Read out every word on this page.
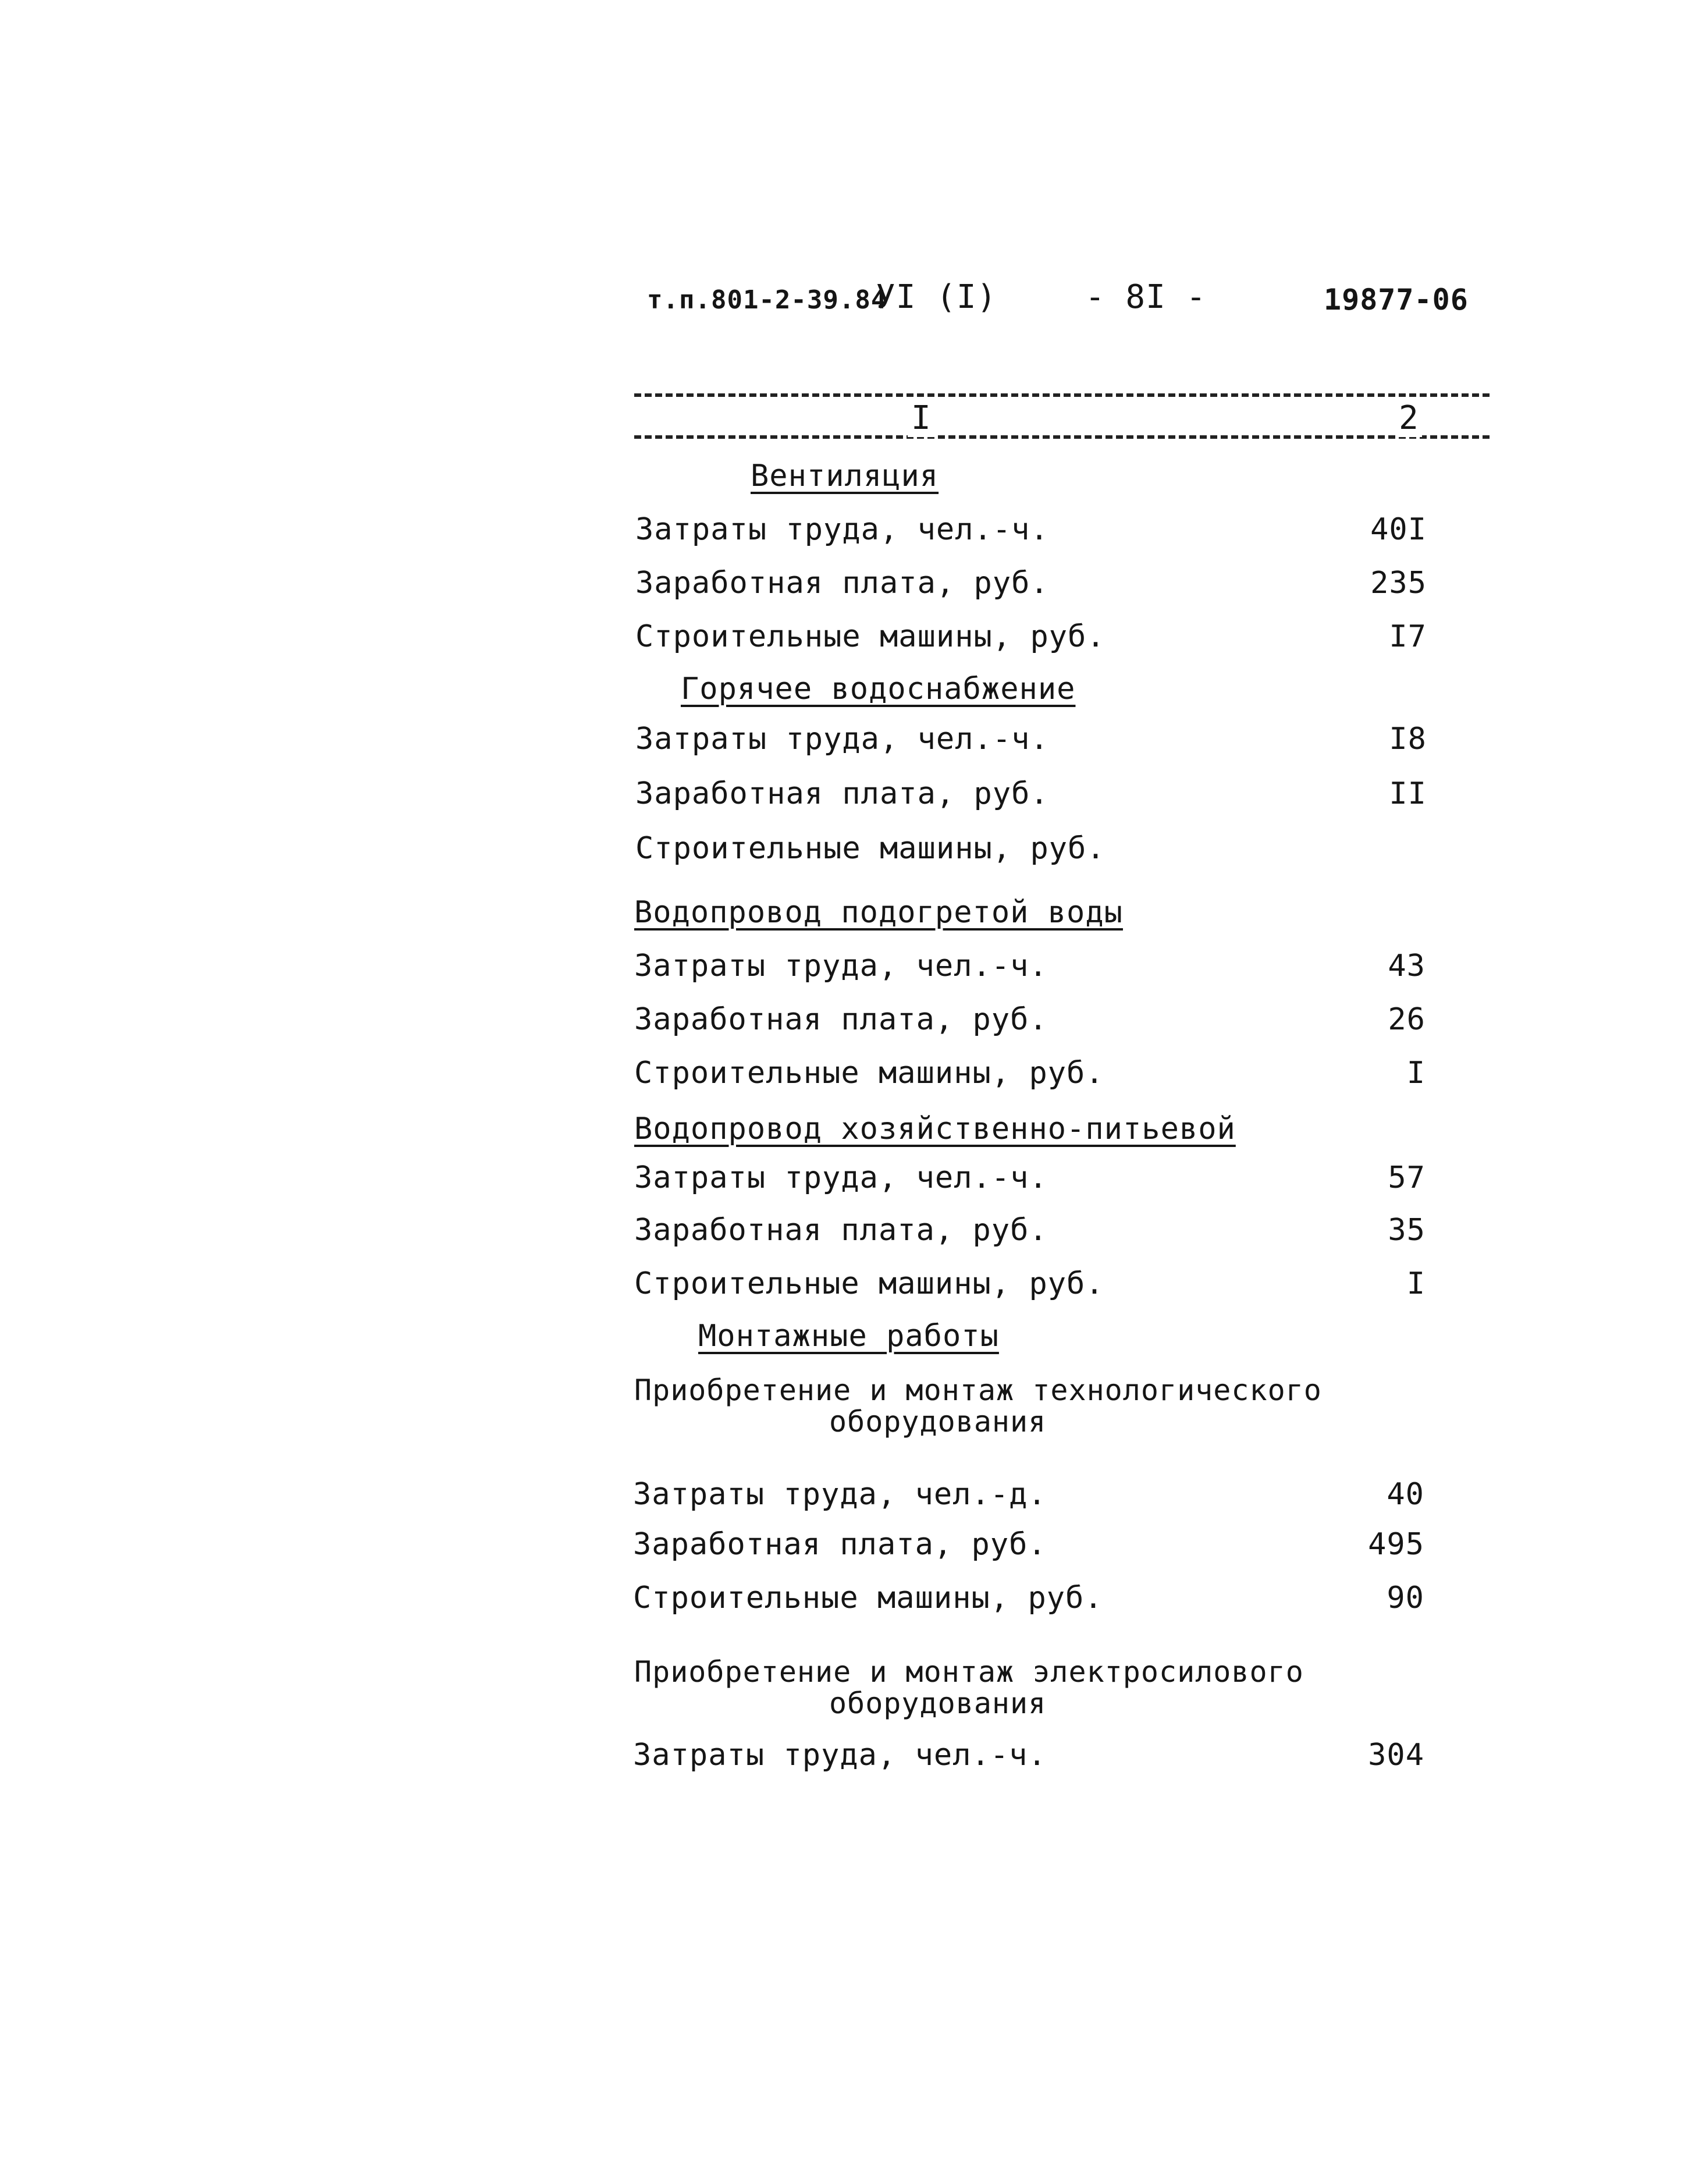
т.п.801-2-39.84
УI (I)	- 8I -	19877-06
I	2
Вентиляция
Затраты труда, чел.-ч.	40I
Заработная плата, руб.	235
Строительные машины, руб.	I7
Горячее водоснабжение
Затраты труда, чел.-ч.	I8
Заработная плата, руб.	II
Строительные машины, руб.
Водопровод подогретой воды
Затраты труда, чел.-ч.	43
Заработная плата, руб.	26
Строительные машины, руб.	I
Водопровод хозяйственно-питьевой
Затраты труда, чел.-ч.	57
Заработная плата, руб.	35
Строительные машины, руб.	I
Монтажные работы
Приобретение и монтаж технологического
оборудования
Затраты труда, чел.-д.	40
Заработная плата, руб.	495
Строительные машины, руб.	90
Приобретение и монтаж электросилового
оборудования
Затраты труда, чел.-ч.	304
